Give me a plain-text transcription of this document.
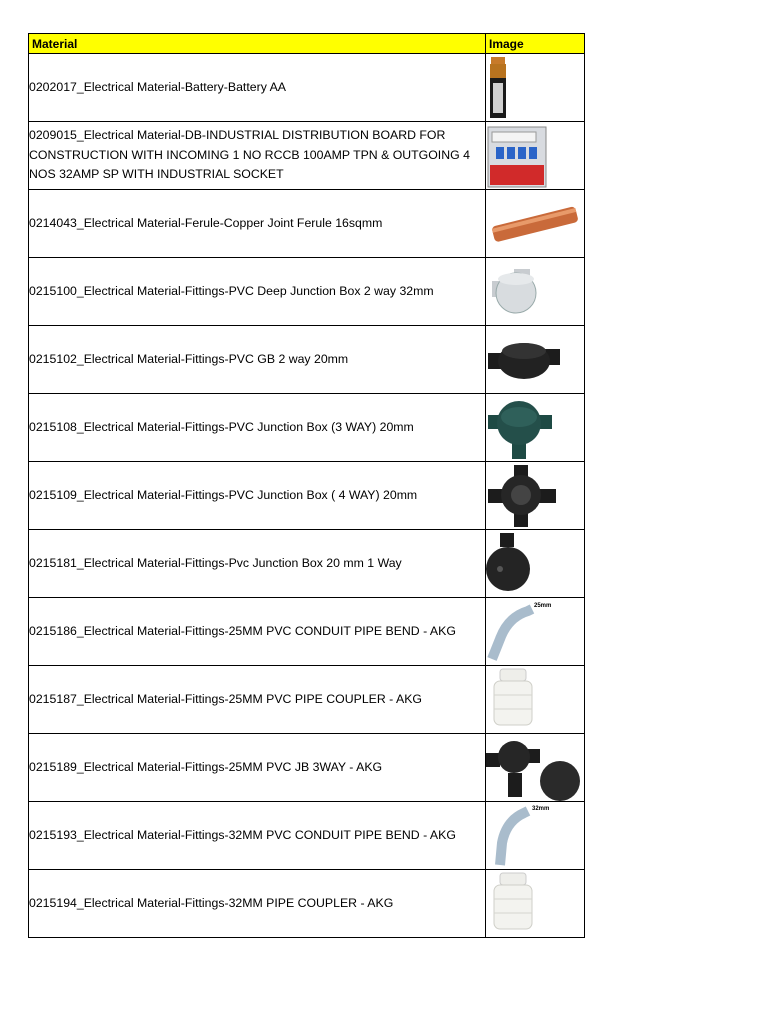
Material	Image
0202017_Electrical Material-Battery-Battery AA	

0209015_Electrical Material-DB-INDUSTRIAL DISTRIBUTION BOARD FOR CONSTRUCTION WITH INCOMING 1 NO RCCB 100AMP TPN & OUTGOING 4 NOS 32AMP SP WITH INDUSTRIAL SOCKET	

0214043_Electrical Material-Ferule-Copper Joint Ferule 16sqmm	

0215100_Electrical Material-Fittings-PVC Deep Junction Box 2 way 32mm	

0215102_Electrical Material-Fittings-PVC GB 2 way 20mm	

0215108_Electrical Material-Fittings-PVC Junction Box (3 WAY) 20mm	

0215109_Electrical Material-Fittings-PVC Junction Box ( 4 WAY) 20mm	

0215181_Electrical Material-Fittings-Pvc Junction Box 20 mm 1 Way	

0215186_Electrical Material-Fittings-25MM PVC CONDUIT PIPE BEND - AKG	25mm

0215187_Electrical Material-Fittings-25MM PVC PIPE COUPLER - AKG	

0215189_Electrical Material-Fittings-25MM PVC JB 3WAY - AKG	

0215193_Electrical Material-Fittings-32MM PVC CONDUIT PIPE BEND - AKG	32mm

0215194_Electrical Material-Fittings-32MM PIPE COUPLER - AKG	
